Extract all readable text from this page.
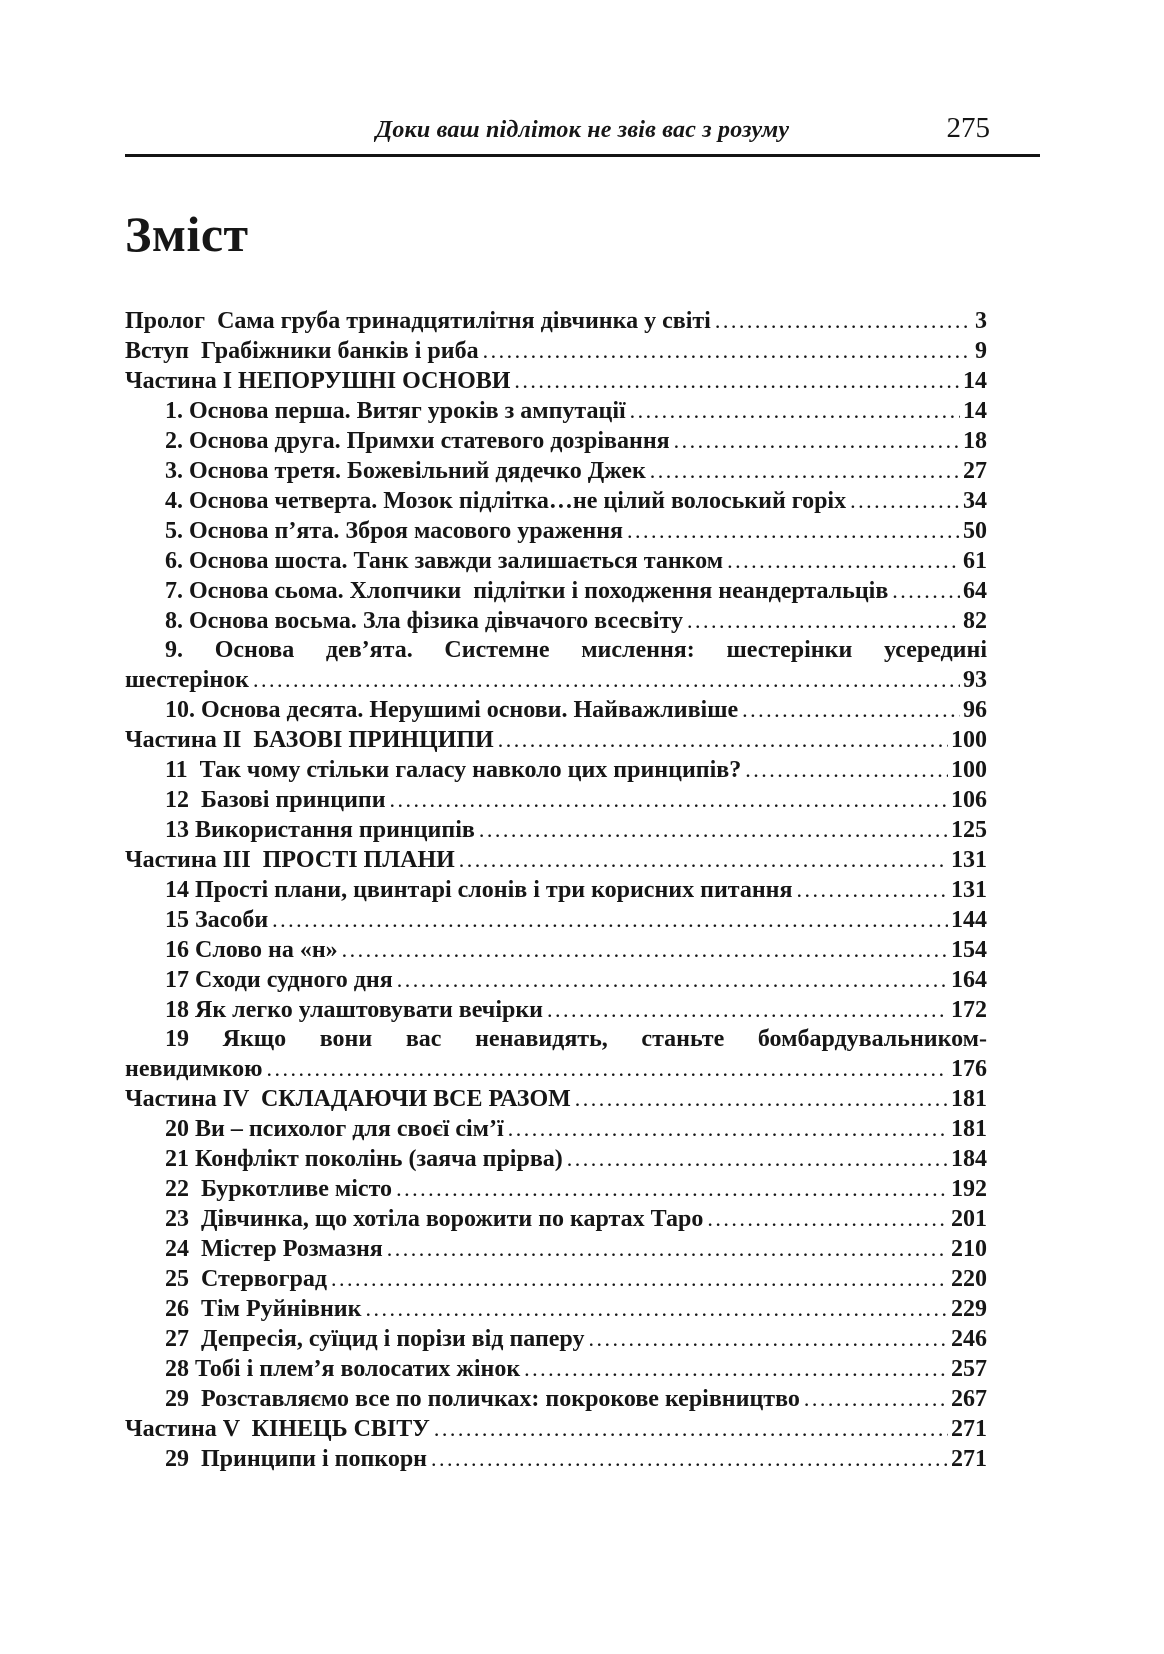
Доки ваш підліток не звів вас з розуму	275
Зміст
Пролог  Сама груба тринадцятилітня дівчинка у світі .....	3
Вступ  Грабіжники банків і риба .....	9
Частина І НЕПОРУШНІ ОСНОВИ .....	14
1. Основа перша. Витяг уроків з ампутації .....	14
2. Основа друга. Примхи статевого дозрівання .....	18
3. Основа третя. Божевільний дядечко Джек .....	27
4. Основа четверта. Мозок підлітка…не цілий волоський горіх .....	34
5. Основа п’ята. Зброя масового ураження .....	50
6. Основа шоста. Танк завжди залишається танком .....	61
7. Основа сьома. Хлопчики  підлітки і походження неандертальців .....	64
8. Основа восьма. Зла фізика дівчачого всесвіту .....	82
9. Основа дев’ята. Системне мислення: шестерінки усередині
шестерінок .....	93
10. Основа десята. Нерушимі основи. Найважливіше .....	96
Частина ІІ  БАЗОВІ ПРИНЦИПИ .....	100
11  Так чому стільки галасу навколо цих принципів? .....	100
12  Базові принципи .....	106
13 Використання принципів .....	125
Частина ІІІ  ПРОСТІ ПЛАНИ .....	131
14 Прості плани, цвинтарі слонів і три корисних питання .....	131
15 Засоби .....	144
16 Слово на «н» .....	154
17 Сходи судного дня .....	164
18 Як легко улаштовувати вечірки .....	172
19 Якщо вони вас ненавидять, станьте бомбардувальником-
невидимкою .....	176
Частина IV  СКЛАДАЮЧИ ВСЕ РАЗОМ .....	181
20 Ви – психолог для своєї сім’ї .....	181
21 Конфлікт поколінь (заяча прірва) .....	184
22  Буркотливе місто .....	192
23  Дівчинка, що хотіла ворожити по картах Таро .....	201
24  Містер Розмазня .....	210
25  Стервоград .....	220
26  Тім Руйнівник .....	229
27  Депресія, суїцид і порізи від паперу .....	246
28 Тобі і плем’я волосатих жінок .....	257
29  Розставляємо все по поличках: покрокове керівництво .....	267
Частина V  КІНЕЦЬ СВІТУ .....	271
29  Принципи і попкорн .....	271
